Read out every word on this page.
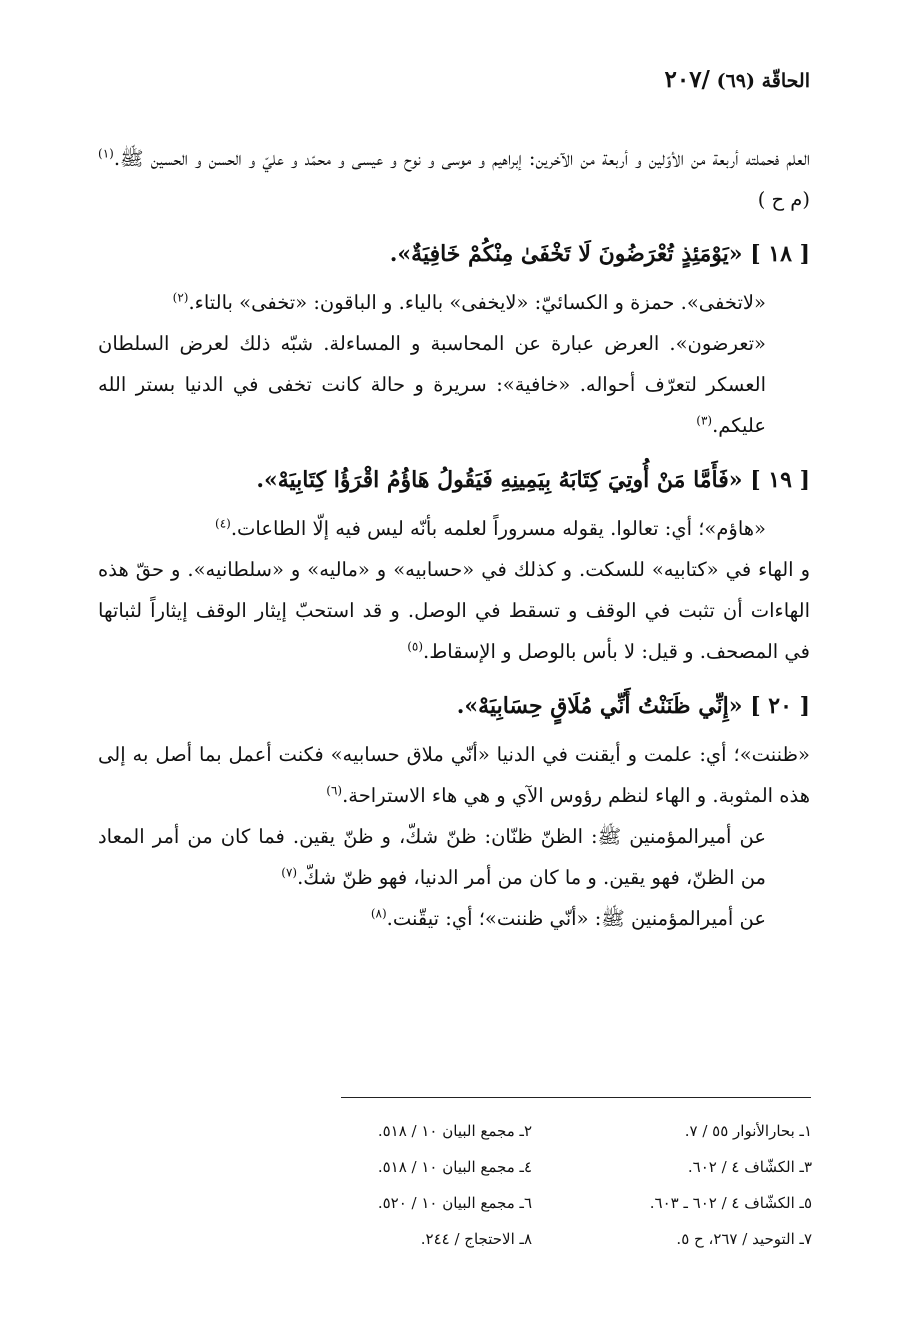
الحاقّة (٦٩) /٢٠٧

العلم فحملته أربعة من الأوّلين و أربعة من الآخرين: إبراهيم و موسى و نوح و عيسى و محمّد و عليّ و الحسن و الحسين ﷺ.$^{(١)}$ (م ح )

[ ١٨ ] «يَوْمَئِذٍ تُعْرَضُونَ لَا تَخْفَىٰ مِنْكُمْ خَافِيَةٌ».

«لاتخفى». حمزة و الكسائيّ: «لايخفى» بالياء. و الباقون: «تخفى» بالتاء.$^{(٢)}$

«تعرضون». العرض عبارة عن المحاسبة و المساءلة. شبّه ذلك لعرض السلطان العسكر لتعرّف أحواله. «خافية»: سريرة و حالة كانت تخفى في الدنيا بستر الله عليكم.$^{(٣)}$

[ ١٩ ] «فَأَمَّا مَنْ أُوتِيَ كِتَابَهُ بِيَمِينِهِ فَيَقُولُ هَاؤُمُ اقْرَؤُا كِتَابِيَهْ».

«هاؤم»؛ أي: تعالوا. يقوله مسروراً لعلمه بأنّه ليس فيه إلّا الطاعات.$^{(٤)}$

و الهاء في «كتابيه» للسكت. و كذلك في «حسابيه» و «ماليه» و «سلطانيه». و حقّ هذه الهاءات أن تثبت في الوقف و تسقط في الوصل. و قد استحبّ إيثار الوقف إيثاراً لثباتها في المصحف. و قيل: لا بأس بالوصل و الإسقاط.$^{(٥)}$

[ ٢٠ ] «إِنِّي ظَنَنْتُ أَنِّي مُلَاقٍ حِسَابِيَهْ».

«ظننت»؛ أي: علمت و أيقنت في الدنيا «أنّي ملاق حسابيه» فكنت أعمل بما أصل به إلى هذه المثوبة. و الهاء لنظم رؤوس الآي و هي هاء الاستراحة.$^{(٦)}$

عن أميرالمؤمنين ﷺ: الظنّ ظنّان: ظنّ شكّ، و ظنّ يقين. فما كان من أمر المعاد من الظنّ، فهو يقين. و ما كان من أمر الدنيا، فهو ظنّ شكّ.$^{(٧)}$

عن أميرالمؤمنين ﷺ: «أنّي ظننت»؛ أي: تيقّنت.$^{(٨)}$

١ـ بحارالأنوار ٥٥ / ٧.
٢ـ مجمع البيان ١٠ / ٥١٨.
٣ـ الكشّاف ٤ / ٦٠٢.
٤ـ مجمع البيان ١٠ / ٥١٨.
٥ـ الكشّاف ٤ / ٦٠٢ ـ ٦٠٣.
٦ـ مجمع البيان ١٠ / ٥٢٠.
٧ـ التوحيد / ٢٦٧، ح ٥.
٨ـ الاحتجاج / ٢٤٤.
